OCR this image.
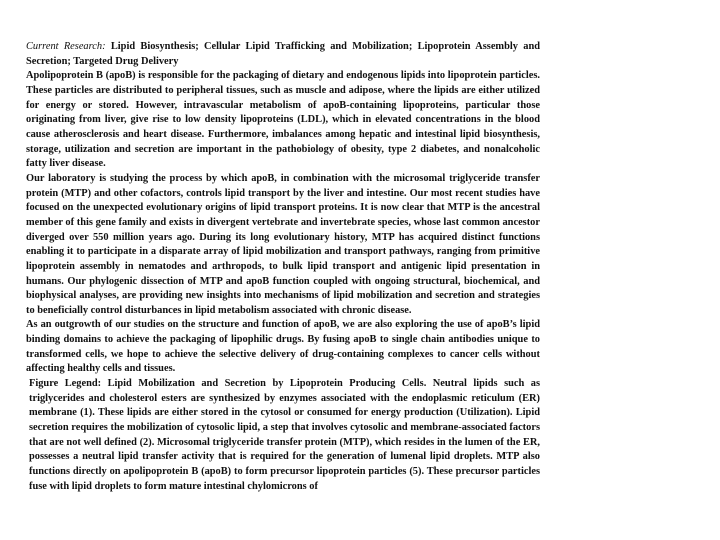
Current Research: Lipid Biosynthesis; Cellular Lipid Trafficking and Mobilization; Lipoprotein Assembly and Secretion; Targeted Drug Delivery

Apolipoprotein B (apoB) is responsible for the packaging of dietary and endogenous lipids into lipoprotein particles. These particles are distributed to peripheral tissues, such as muscle and adipose, where the lipids are either utilized for energy or stored. However, intravascular metabolism of apoB-containing lipoproteins, particular those originating from liver, give rise to low density lipoproteins (LDL), which in elevated concentrations in the blood cause atherosclerosis and heart disease. Furthermore, imbalances among hepatic and intestinal lipid biosynthesis, storage, utilization and secretion are important in the pathobiology of obesity, type 2 diabetes, and nonalcoholic fatty liver disease.

Our laboratory is studying the process by which apoB, in combination with the microsomal triglyceride transfer protein (MTP) and other cofactors, controls lipid transport by the liver and intestine. Our most recent studies have focused on the unexpected evolutionary origins of lipid transport proteins. It is now clear that MTP is the ancestral member of this gene family and exists in divergent vertebrate and invertebrate species, whose last common ancestor diverged over 550 million years ago. During its long evolutionary history, MTP has acquired distinct functions enabling it to participate in a disparate array of lipid mobilization and transport pathways, ranging from primitive lipoprotein assembly in nematodes and arthropods, to bulk lipid transport and antigenic lipid presentation in humans. Our phylogenic dissection of MTP and apoB function coupled with ongoing structural, biochemical, and biophysical analyses, are providing new insights into mechanisms of lipid mobilization and secretion and strategies to beneficially control disturbances in lipid metabolism associated with chronic disease.

As an outgrowth of our studies on the structure and function of apoB, we are also exploring the use of apoB’s lipid binding domains to achieve the packaging of lipophilic drugs. By fusing apoB to single chain antibodies unique to transformed cells, we hope to achieve the selective delivery of drug-containing complexes to cancer cells without affecting healthy cells and tissues.

Figure Legend: Lipid Mobilization and Secretion by Lipoprotein Producing Cells. Neutral lipids such as triglycerides and cholesterol esters are synthesized by enzymes associated with the endoplasmic reticulum (ER) membrane (1). These lipids are either stored in the cytosol or consumed for energy production (Utilization). Lipid secretion requires the mobilization of cytosolic lipid, a step that involves cytosolic and membrane-associated factors that are not well defined (2). Microsomal triglyceride transfer protein (MTP), which resides in the lumen of the ER, possesses a neutral lipid transfer activity that is required for the generation of lumenal lipid droplets. MTP also functions directly on apolipoprotein B (apoB) to form precursor lipoprotein particles (5). These precursor particles fuse with lipid droplets to form mature intestinal chylomicrons of
